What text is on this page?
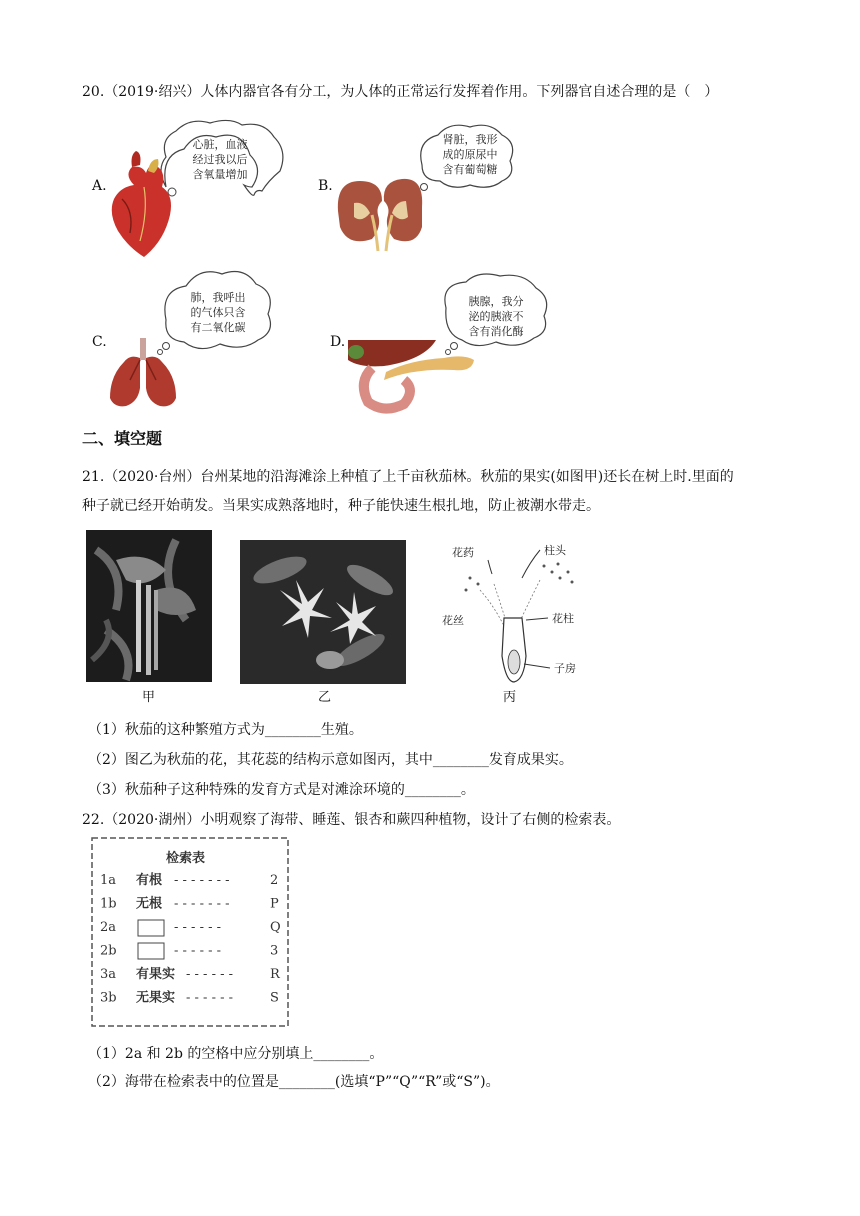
20.（2019·绍兴）人体内器官各有分工，为人体的正常运行发挥着作用。下列器官自述合理的是（　）
A.
心脏，血液
经过我以后
含氧量增加
B.
肾脏，我形
成的原尿中
含有葡萄糖
C.
肺，我呼出
的气体只含
有二氧化碳
D.
胰腺，我分
泌的胰液不
含有消化酶
二、填空题
21.（2020·台州）台州某地的沿海滩涂上种植了上千亩秋茄林。秋茄的果实(如图甲)还长在树上时.里面的
种子就已经开始萌发。当果实成熟落地时，种子能快速生根扎地，防止被潮水带走。
甲	乙
花药	柱头
花丝	花柱
子房
丙
（1）秋茄的这种繁殖方式为________生殖。
（2）图乙为秋茄的花，其花蕊的结构示意如图丙，其中________发育成果实。
（3）秋茄种子这种特殊的发育方式是对滩涂环境的________。
22.（2020·湖州）小明观察了海带、睡莲、银杏和蕨四种植物，设计了右侧的检索表。
检索表
1a 有根 - - - - - - -	2
1b 无根 - - - - - - -	P
2a	- - - - - -	Q
2b	- - - - - -	3
3a 有果实 - - - - - -	R
3b 无果实 - - - - - -	S
（1）2a 和 2b 的空格中应分别填上________。
（2）海带在检索表中的位置是________(选填“P”“Q”“R”或“S”)。
